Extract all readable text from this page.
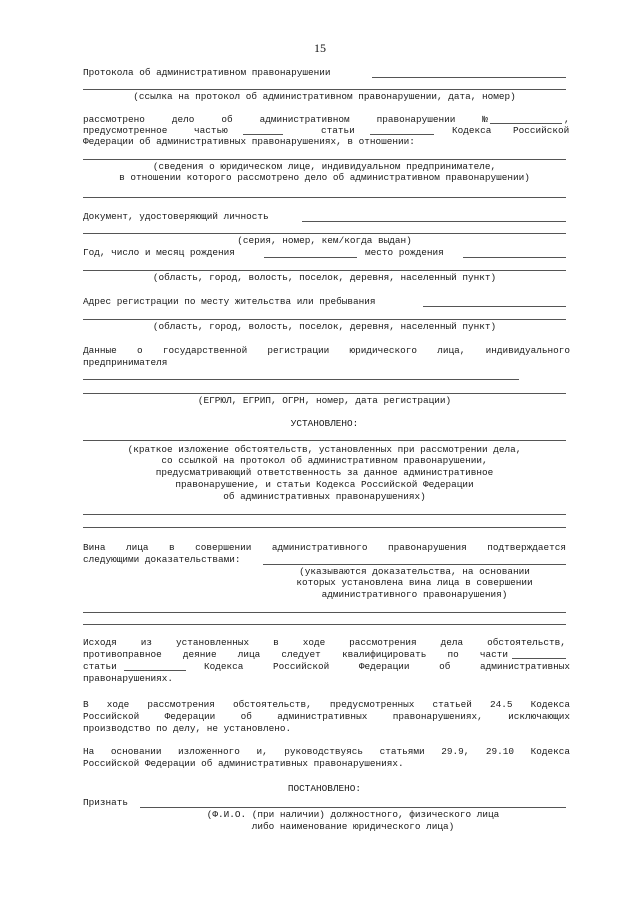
15
Протокола об административном правонарушении
(ссылка на протокол об административном правонарушении, дата, номер)
рассмотрено	дело	об	административном	правонарушении	№	,
предусмотренное	частью	статьи	Кодекса Российской
Федерации об административных правонарушениях, в отношении:
(сведения о юридическом лице, индивидуальном предпринимателе,
в отношении которого рассмотрено дело об административном правонарушении)
Документ, удостоверяющий личность
(серия, номер, кем/когда выдан)
Год, число и месяц рождения	место рождения
(область, город, волость, поселок, деревня, населенный пункт)
Адрес регистрации по месту жительства или пребывания
(область, город, волость, поселок, деревня, населенный пункт)
Данные о государственной регистрации юридического лица, индивидуального
предпринимателя
(ЕГРЮЛ, ЕГРИП, ОГРН, номер, дата регистрации)
УСТАНОВЛЕНО:
(краткое изложение обстоятельств, установленных при рассмотрении дела,
со ссылкой на протокол об административном правонарушении,
предусматривающий ответственность за данное административное
правонарушение, и статьи Кодекса Российской Федерации
об административных правонарушениях)
Вина лица в совершении административного правонарушения подтверждается
следующими доказательствами:
(указываются доказательства, на основании
которых установлена вина лица в совершении
административного правонарушения)
Исходя	из	установленных	в	ходе	рассмотрения	дела	обстоятельств,
противоправное деяние лица следует квалифицировать по части
статьи	Кодекса	Российской	Федерации	об	административных
правонарушениях.
В ходе рассмотрения обстоятельств, предусмотренных статьей 24.5 Кодекса
Российской Федерации об административных правонарушениях, исключающих
производство по делу, не установлено.
На основании изложенного и, руководствуясь статьями 29.9, 29.10 Кодекса
Российской Федерации об административных правонарушениях.
ПОСТАНОВЛЕНО:
Признать
(Ф.И.О. (при наличии) должностного, физического лица
либо наименование юридического лица)
